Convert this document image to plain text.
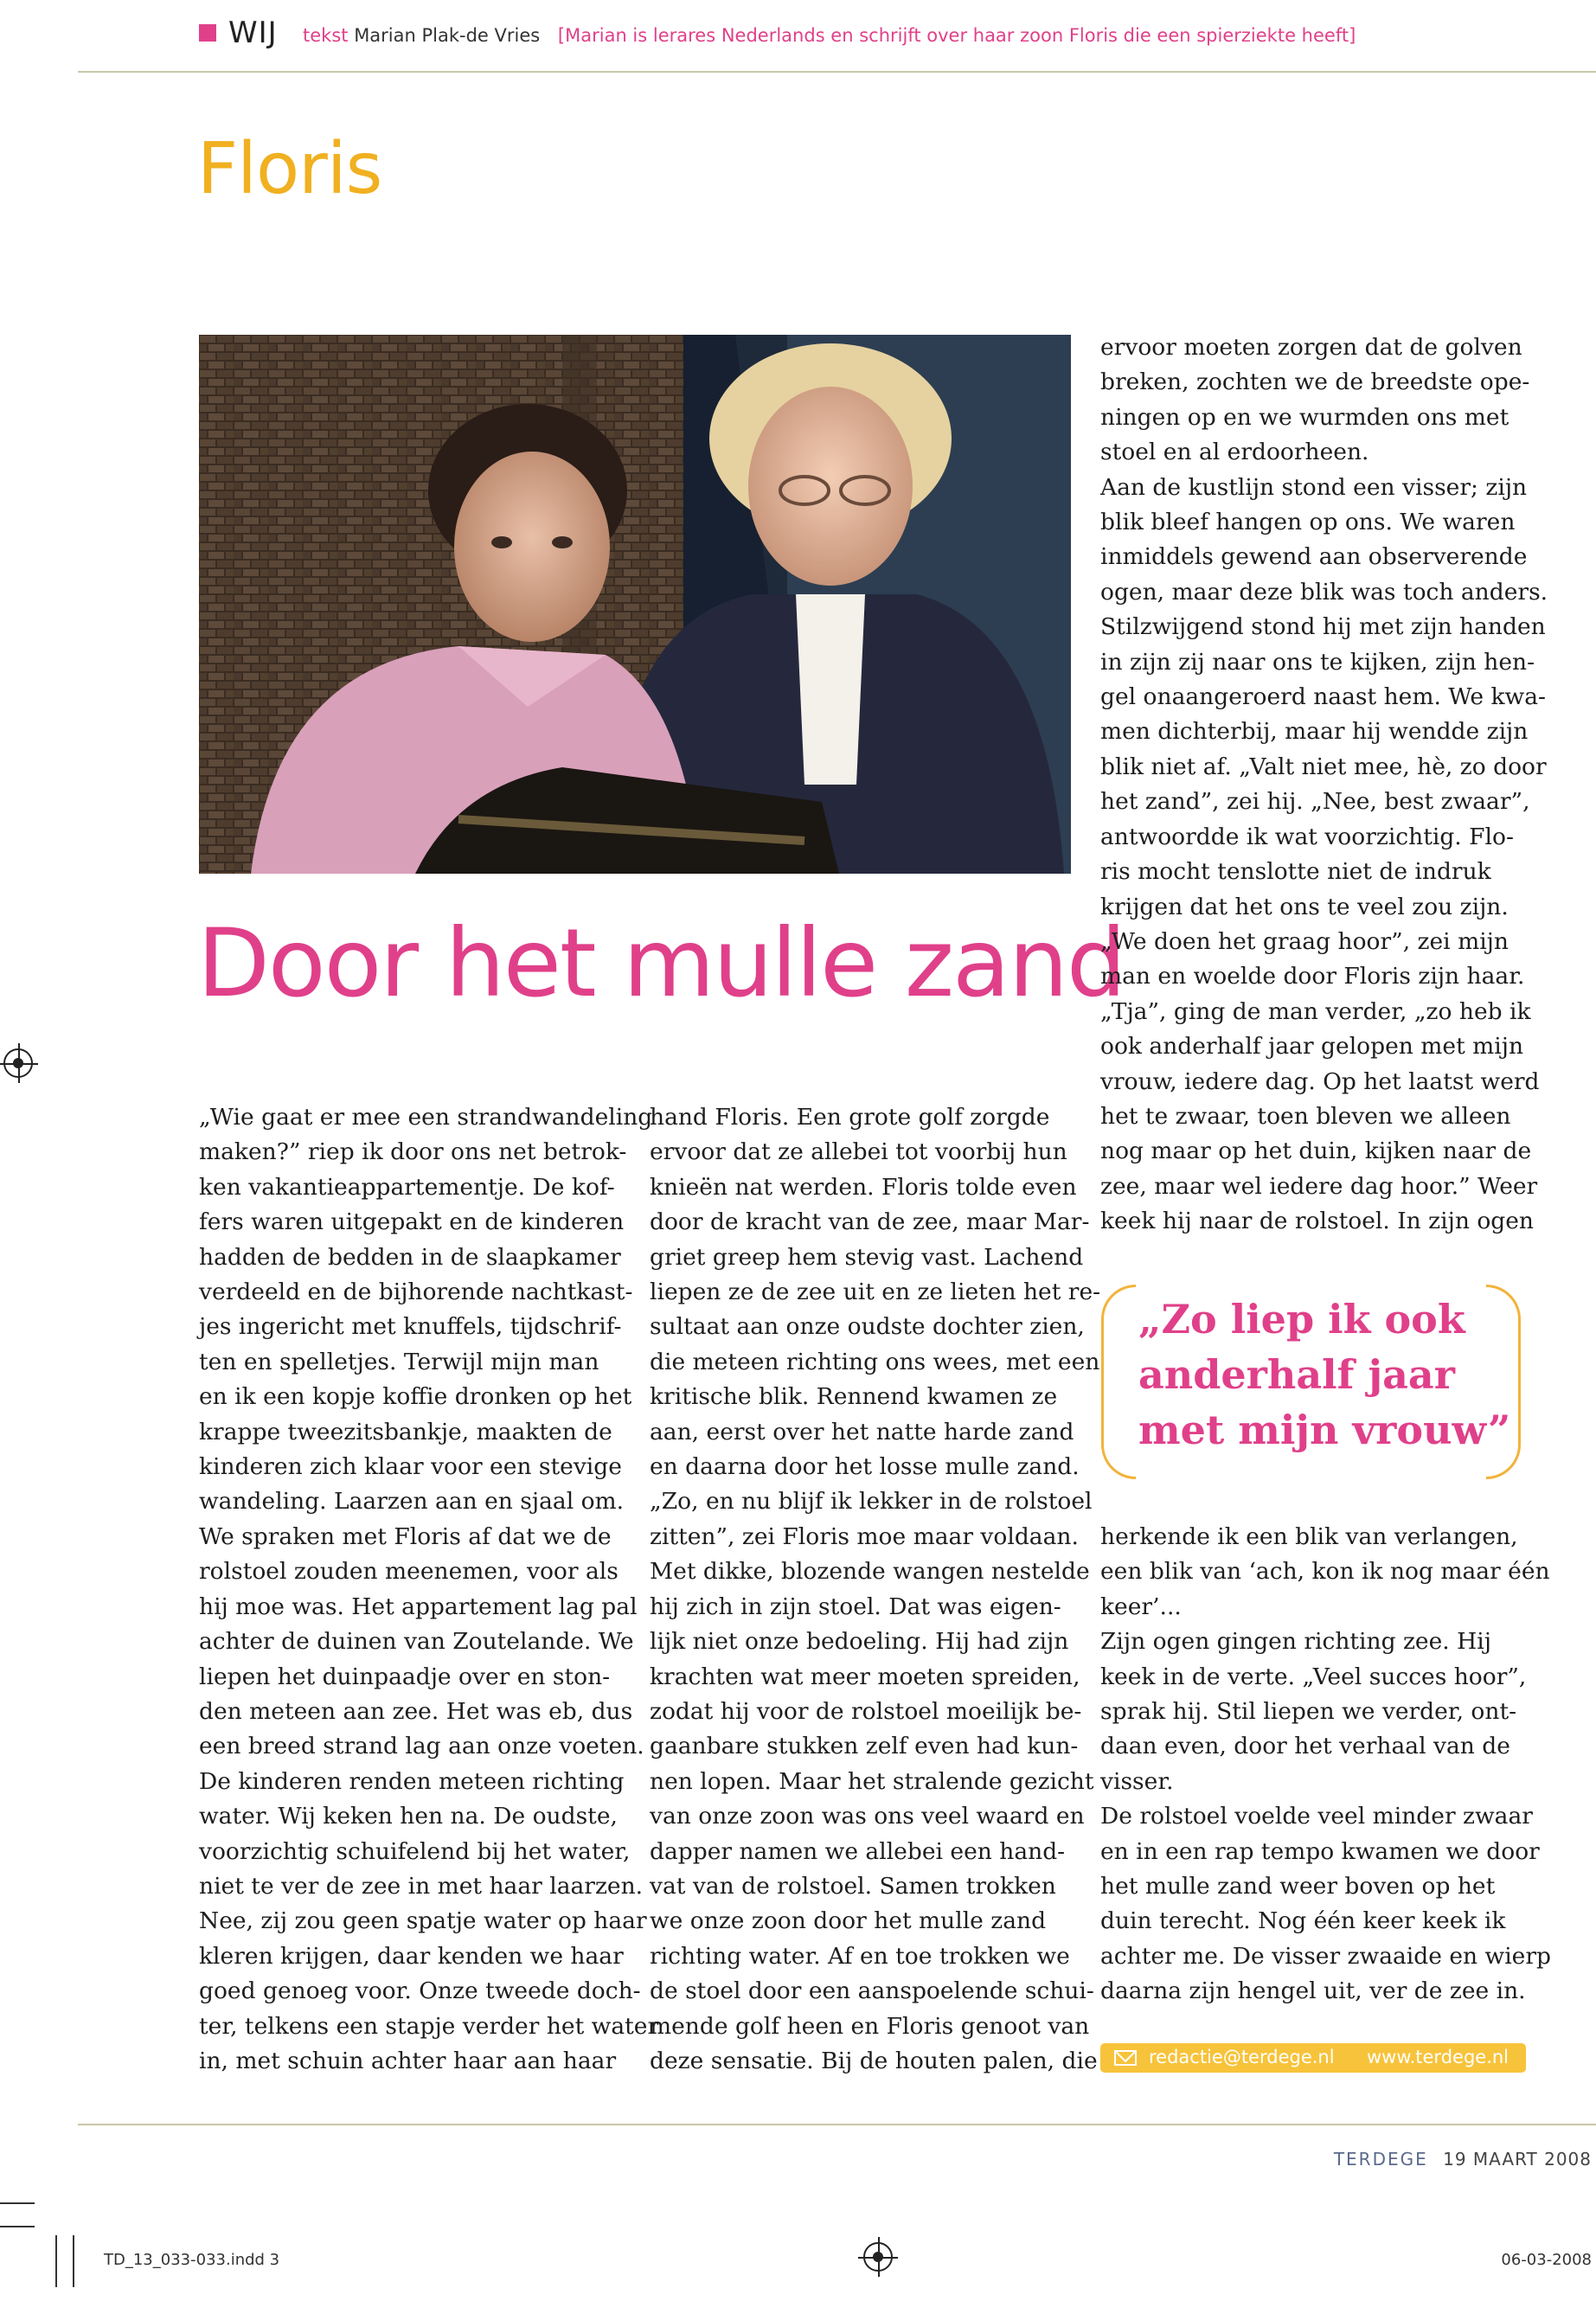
WIJ tekst Marian Plak-de Vries [Marian is lerares Nederlands en schrijft over haar zoon Floris die een spierziekte heeft]
Floris
Door het mulle zand

„Wie gaat er mee een strandwandeling

maken?” riep ik door ons net betrok-

ken vakantieappartementje. De kof-

fers waren uitgepakt en de kinderen

hadden de bedden in de slaapkamer

verdeeld en de bijhorende nachtkast-

jes ingericht met knuffels, tijdschrif-

ten en spelletjes. Terwijl mijn man

en ik een kopje koffie dronken op het

krappe tweezitsbankje, maakten de

kinderen zich klaar voor een stevige

wandeling. Laarzen aan en sjaal om.

We spraken met Floris af dat we de

rolstoel zouden meenemen, voor als

hij moe was. Het appartement lag pal

achter de duinen van Zoutelande. We

liepen het duinpaadje over en ston-

den meteen aan zee. Het was eb, dus

een breed strand lag aan onze voeten.

De kinderen renden meteen richting

water. Wij keken hen na. De oudste,

voorzichtig schuifelend bij het water,

niet te ver de zee in met haar laarzen.

Nee, zij zou geen spatje water op haar

kleren krijgen, daar kenden we haar

goed genoeg voor. Onze tweede doch-

ter, telkens een stapje verder het water

in, met schuin achter haar aan haar

hand Floris. Een grote golf zorgde

ervoor dat ze allebei tot voorbij hun

knieën nat werden. Floris tolde even

door de kracht van de zee, maar Mar-

griet greep hem stevig vast. Lachend

liepen ze de zee uit en ze lieten het re-

sultaat aan onze oudste dochter zien,

die meteen richting ons wees, met een

kritische blik. Rennend kwamen ze

aan, eerst over het natte harde zand

en daarna door het losse mulle zand.

„Zo, en nu blijf ik lekker in de rolstoel

zitten”, zei Floris moe maar voldaan.

Met dikke, blozende wangen nestelde

hij zich in zijn stoel. Dat was eigen-

lijk niet onze bedoeling. Hij had zijn

krachten wat meer moeten spreiden,

zodat hij voor de rolstoel moeilijk be-

gaanbare stukken zelf even had kun-

nen lopen. Maar het stralende gezicht

van onze zoon was ons veel waard en

dapper namen we allebei een hand-

vat van de rolstoel. Samen trokken

we onze zoon door het mulle zand

richting water. Af en toe trokken we

de stoel door een aanspoelende schui-

mende golf heen en Floris genoot van

deze sensatie. Bij de houten palen, die

ervoor moeten zorgen dat de golven

breken, zochten we de breedste ope-

ningen op en we wurmden ons met

stoel en al erdoorheen.

Aan de kustlijn stond een visser; zijn

blik bleef hangen op ons. We waren

inmiddels gewend aan observerende

ogen, maar deze blik was toch anders.

Stilzwijgend stond hij met zijn handen

in zijn zij naar ons te kijken, zijn hen-

gel onaangeroerd naast hem. We kwa-

men dichterbij, maar hij wendde zijn

blik niet af. „Valt niet mee, hè, zo door

het zand”, zei hij. „Nee, best zwaar”,

antwoordde ik wat voorzichtig. Flo-

ris mocht tenslotte niet de indruk

krijgen dat het ons te veel zou zijn.

„We doen het graag hoor”, zei mijn

man en woelde door Floris zijn haar.

„Tja”, ging de man verder, „zo heb ik

ook anderhalf jaar gelopen met mijn

vrouw, iedere dag. Op het laatst werd

het te zwaar, toen bleven we alleen

nog maar op het duin, kijken naar de

zee, maar wel iedere dag hoor.” Weer

keek hij naar de rolstoel. In zijn ogen

„Zo liep ik ook

anderhalf jaar

met mijn vrouw”

herkende ik een blik van verlangen,

een blik van ‘ach, kon ik nog maar één

keer’...

Zijn ogen gingen richting zee. Hij

keek in de verte. „Veel succes hoor”,

sprak hij. Stil liepen we verder, ont-

daan even, door het verhaal van de

visser.

De rolstoel voelde veel minder zwaar

en in een rap tempo kwamen we door

het mulle zand weer boven op het

duin terecht. Nog één keer keek ik

achter me. De visser zwaaide en wierp

daarna zijn hengel uit, ver de zee in.

redactie@terdege.nl www.terdege.nl
TERDEGE 19 MAART 2008
TD_13_033-033.indd 3	06-03-2008
